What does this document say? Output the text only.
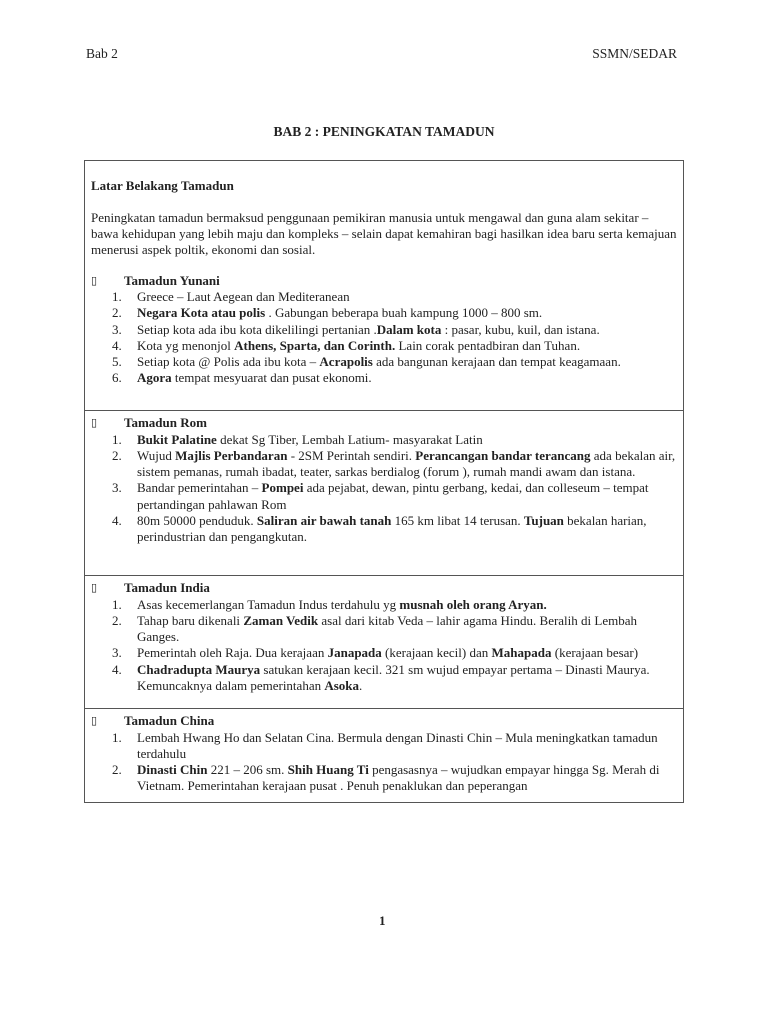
Bab 2	SSMN/SEDAR
BAB 2 : PENINGKATAN TAMADUN
Latar Belakang Tamadun
Peningkatan tamadun bermaksud penggunaan pemikiran manusia untuk mengawal dan guna alam sekitar – bawa kehidupan yang lebih maju dan kompleks – selain dapat kemahiran bagi hasilkan idea baru serta kemajuan menerusi aspek poltik, ekonomi dan sosial.
▯	Tamadun Yunani
1.	Greece – Laut Aegean dan Mediteranean
2.	Negara Kota atau polis . Gabungan beberapa buah kampung 1000 – 800 sm.
3.	Setiap kota ada ibu kota dikelilingi pertanian .Dalam kota : pasar, kubu, kuil, dan istana.
4.	Kota yg menonjol Athens, Sparta, dan Corinth. Lain corak pentadbiran dan Tuhan.
5.	Setiap kota @ Polis ada ibu kota – Acrapolis ada bangunan kerajaan dan tempat keagamaan.
6.	Agora tempat mesyuarat dan pusat ekonomi.
▯	Tamadun Rom
1.	Bukit Palatine dekat Sg Tiber, Lembah Latium- masyarakat Latin
2.	Wujud Majlis Perbandaran - 2SM Perintah sendiri. Perancangan bandar terancang ada bekalan air, sistem pemanas, rumah ibadat, teater, sarkas berdialog (forum ), rumah mandi awam dan istana.
3.	Bandar pemerintahan – Pompei ada pejabat, dewan, pintu gerbang, kedai, dan colleseum – tempat pertandingan pahlawan Rom
4.	80m 50000 penduduk. Saliran air bawah tanah 165 km libat 14 terusan. Tujuan bekalan harian, perindustrian dan pengangkutan.
▯	Tamadun India
1.	Asas kecemerlangan Tamadun Indus terdahulu yg musnah oleh orang Aryan.
2.	Tahap baru dikenali Zaman Vedik asal dari kitab Veda – lahir agama Hindu. Beralih di Lembah Ganges.
3.	Pemerintah oleh Raja. Dua kerajaan Janapada (kerajaan kecil) dan Mahapada (kerajaan besar)
4.	Chadradupta Maurya satukan kerajaan kecil. 321 sm wujud empayar pertama – Dinasti Maurya. Kemuncaknya dalam pemerintahan Asoka.
▯	Tamadun China
1.	Lembah Hwang Ho dan Selatan Cina. Bermula dengan Dinasti Chin – Mula meningkatkan tamadun terdahulu
2.	Dinasti Chin 221 – 206 sm. Shih Huang Ti pengasasnya – wujudkan empayar hingga Sg. Merah di Vietnam. Pemerintahan kerajaan pusat . Penuh penaklukan dan peperangan
1
